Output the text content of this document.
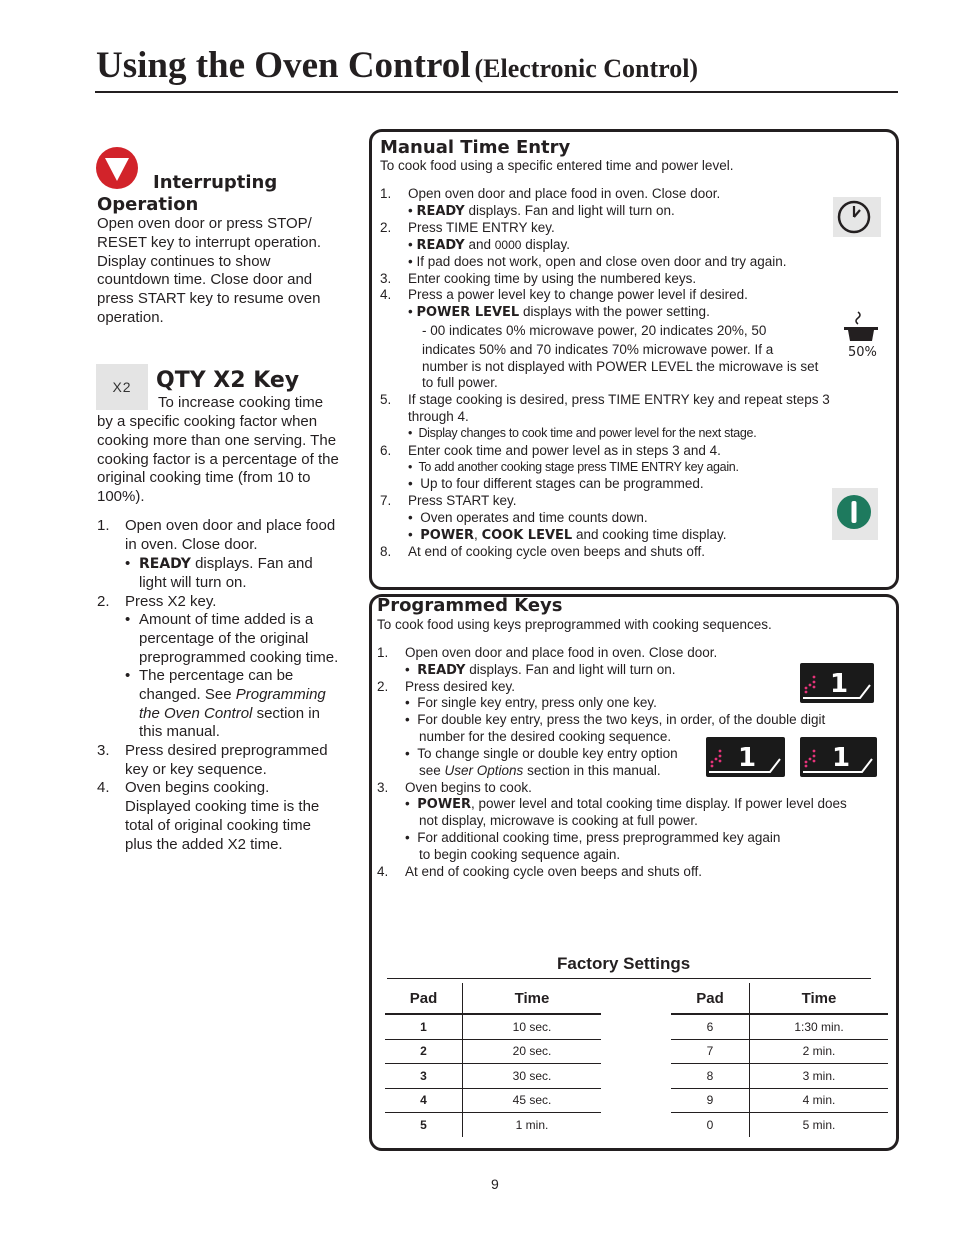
Using the Oven Control (Electronic Control)
Interrupting
Operation
Open oven door or press STOP/ RESET key to interrupt operation. Display continues to show countdown time. Close door and press START key to resume oven operation.
X2	QTY X2 Key
To increase cooking time
by a specific cooking factor when cooking more than one serving. The cooking factor is a percentage of the original cooking time (from 10 to 100%).
1. Open oven door and place food
in oven. Close door.
• READY displays. Fan and
light will turn on.
2. Press X2 key.
• Amount of time added is a
percentage of the original
preprogrammed cooking time.
• The percentage can be
changed. See Programming
the Oven Control section in
this manual.
3. Press desired preprogrammed
key or key sequence.
4. Oven begins cooking.
Displayed cooking time is the
total of original cooking time
plus the added X2 time.
Manual Time Entry
To cook food using a specific entered time and power level.
1. Open oven door and place food in oven. Close door.
• READY displays. Fan and light will turn on.
2. Press TIME ENTRY key.
• READY and 0000 display.
• If pad does not work, open and close oven door and try again.
3. Enter cooking time by using the numbered keys.
4. Press a power level key to change power level if desired.
• POWER LEVEL displays with the power setting.
- 00 indicates 0% microwave power, 20 indicates 20%, 50
indicates 50% and 70 indicates 70% microwave power. If a
number is not displayed with POWER LEVEL the microwave is set
to full power.
5. If stage cooking is desired, press TIME ENTRY key and repeat steps 3
through 4.
•  Display changes to cook time and power level for the next stage.
6. Enter cook time and power level as in steps 3 and 4.
•  To add another cooking stage press TIME ENTRY key again.
•  Up to four different stages can be programmed.
7. Press START key.
•  Oven operates and time counts down.
•  POWER, COOK LEVEL and cooking time display.
8. At end of cooking cycle oven beeps and shuts off.
50%
Programmed Keys
To cook food using keys preprogrammed with cooking sequences.
1. Open oven door and place food in oven. Close door.
•  READY displays. Fan and light will turn on.
2. Press desired key.
•  For single key entry, press only one key.
•  For double key entry, press the two keys, in order, of the double digit
number for the desired cooking sequence.
•  To change single or double key entry option
see User Options section in this manual.
3. Oven begins to cook.
•  POWER, power level and total cooking time display. If power level does
not display, microwave is cooking at full power.
•  For additional cooking time, press preprogrammed key again
to begin cooking sequence again.
4. At end of cooking cycle oven beeps and shuts off.
1
1	1
Factory Settings
Pad	Time
1	10 sec.
2	20 sec.
3	30 sec.
4	45 sec.
5	1 min.
Pad	Time
6	1:30 min.
7	2 min.
8	3 min.
9	4 min.
0	5 min.
9
